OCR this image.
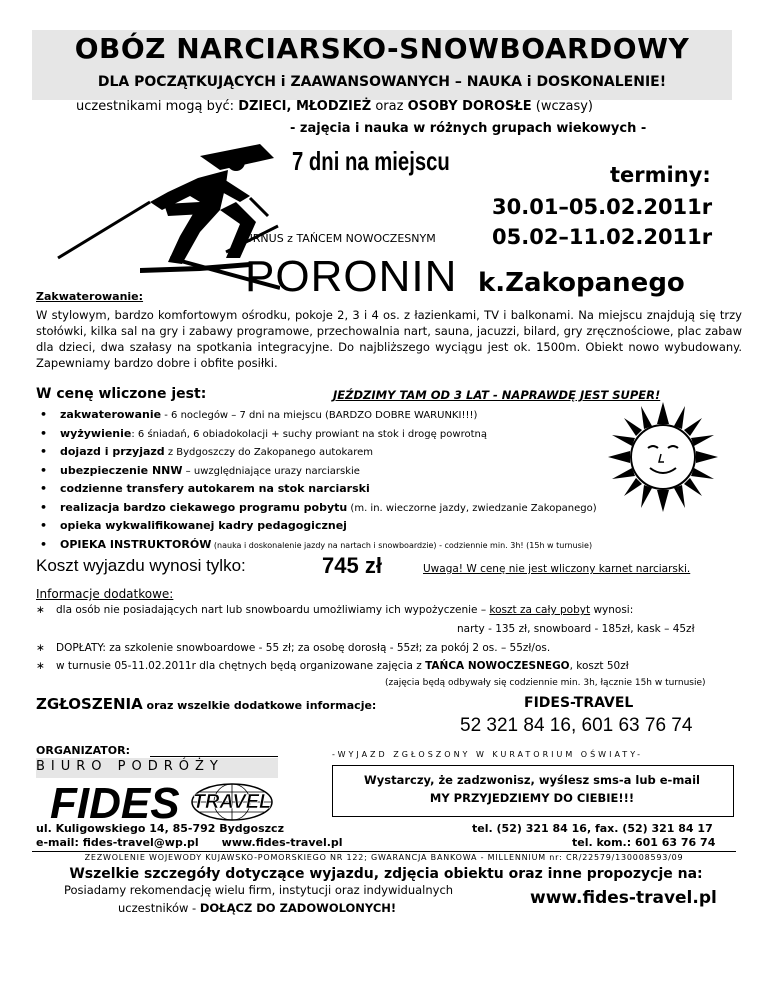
OBÓZ NARCIARSKO-SNOWBOARDOWY
DLA POCZĄTKUJĄCYCH i ZAAWANSOWANYCH – NAUKA i DOSKONALENIE!
uczestnikami mogą być: DZIECI, MŁODZIEŻ oraz OSOBY DOROSŁE (wczasy)
- zajęcia i nauka w różnych grupach wiekowych -
7 dni na miejscu	terminy:
30.01–05.02.2011r
TURNUS z TAŃCEM NOWOCZESNYM	05.02–11.02.2011r
Zakwaterowanie: PORONIN k.Zakopanego
W stylowym, bardzo komfortowym ośrodku, pokoje 2, 3 i 4 os. z łazienkami, TV i balkonami. Na miejscu znajdują się trzy stołówki, kilka sal na gry i zabawy programowe, przechowalnia nart, sauna, jacuzzi, bilard, gry zręcznościowe, plac zabaw dla dzieci, dwa szałasy na spotkania integracyjne. Do najbliższego wyciągu jest ok. 1500m. Obiekt nowo wybudowany. Zapewniamy bardzo dobre i obfite posiłki.
W cenę wliczone jest:	JEŹDZIMY TAM OD 3 LAT - NAPRAWDĘ JEST SUPER!
• zakwaterowanie - 6 noclegów – 7 dni na miejscu (BARDZO DOBRE WARUNKI!!!)
• wyżywienie: 6 śniadań, 6 obiadokolacji + suchy prowiant na stok i drogę powrotną
• dojazd i przyjazd z Bydgoszczy do Zakopanego autokarem
• ubezpieczenie NNW – uwzględniające urazy narciarskie
• codzienne transfery autokarem na stok narciarski
• realizacja bardzo ciekawego programu pobytu (m. in. wieczorne jazdy, zwiedzanie Zakopanego)
• opieka wykwalifikowanej kadry pedagogicznej
• OPIEKA INSTRUKTORÓW (nauka i doskonalenie jazdy na nartach i snowboardzie) - codziennie min. 3h! (15h w turnusie)
Koszt wyjazdu wynosi tylko:	745 zł	Uwaga! W cenę nie jest wliczony karnet narciarski.
Informacje dodatkowe:
∗ dla osób nie posiadających nart lub snowboardu umożliwiamy ich wypożyczenie – koszt za cały pobyt wynosi:
narty - 135 zł, snowboard - 185zł, kask – 45zł
∗ DOPŁATY: za szkolenie snowboardowe - 55 zł; za osobę dorosłą - 55zł; za pokój 2 os. – 55zł/os.
∗ w turnusie 05-11.02.2011r dla chętnych będą organizowane zajęcia z TAŃCA NOWOCZESNEGO, koszt 50zł
(zajęcia będą odbywały się codziennie min. 3h, łącznie 15h w turnusie)
ZGŁOSZENIA oraz wszelkie dodatkowe informacje:	FIDES-TRAVEL
52 321 84 16, 601 63 76 74
ORGANIZATOR:	-WYJAZD ZGŁOSZONY W KURATORIUM OŚWIATY-
BIURO PODRÓŻY
FIDES TRAVEL
Wystarczy, że zadzwonisz, wyślesz sms-a lub e-mail
MY PRZYJEDZIEMY DO CIEBIE!!!
ul. Kuligowskiego 14, 85-792 Bydgoszcz
e-mail: fides-travel@wp.pl www.fides-travel.pl
tel. (52) 321 84 16, fax. (52) 321 84 17
tel. kom.: 601 63 76 74
ZEZWOLENIE WOJEWODY KUJAWSKO-POMORSKIEGO NR 122; GWARANCJA BANKOWA - MILLENNIUM nr: CR/22579/130008593/09
Wszelkie szczegóły dotyczące wyjazdu, zdjęcia obiektu oraz inne propozycje na:
Posiadamy rekomendację wielu firm, instytucji oraz indywidualnych
uczestników - DOŁĄCZ DO ZADOWOLONYCH!	www.fides-travel.pl
